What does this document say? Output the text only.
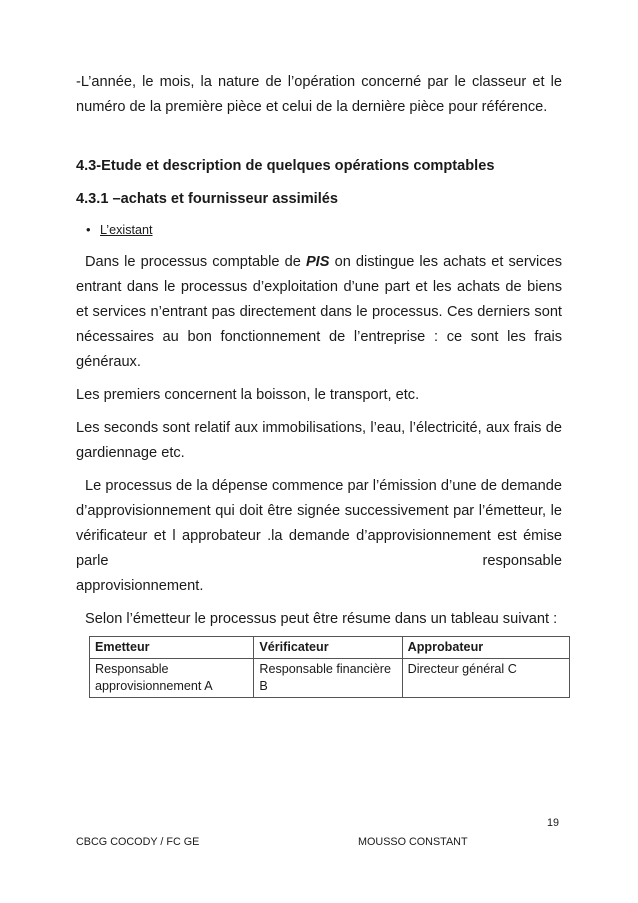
-L’année, le mois, la nature de l’opération concerné par le classeur et le numéro de la première pièce et celui de la dernière pièce pour référence.

4.3-Etude et description de quelques opérations comptables

4.3.1 –achats et fournisseur assimilés

• L’existant

Dans le processus comptable de PIS on distingue les achats et services entrant dans le processus d’exploitation d’une part et les achats de biens et services n’entrant pas directement dans le processus. Ces derniers sont nécessaires au bon fonctionnement de l’entreprise : ce sont les frais généraux.

Les premiers concernent la boisson, le transport, etc.

Les seconds sont relatif aux immobilisations, l’eau, l’électricité, aux frais de gardiennage etc.

Le processus de la dépense commence par l’émission d’une de demande d’approvisionnement qui doit être signée successivement par l’émetteur, le vérificateur et l approbateur .la demande d’approvisionnement est émise parle responsable

approvisionnement.

Selon l’émetteur le processus peut être résume dans un tableau suivant :

Emetteur	Vérificateur	Approbateur
Responsable approvisionnement A	Responsable financière B	Directeur général C
19
CBCG COCODY / FC GE	MOUSSO CONSTANT
